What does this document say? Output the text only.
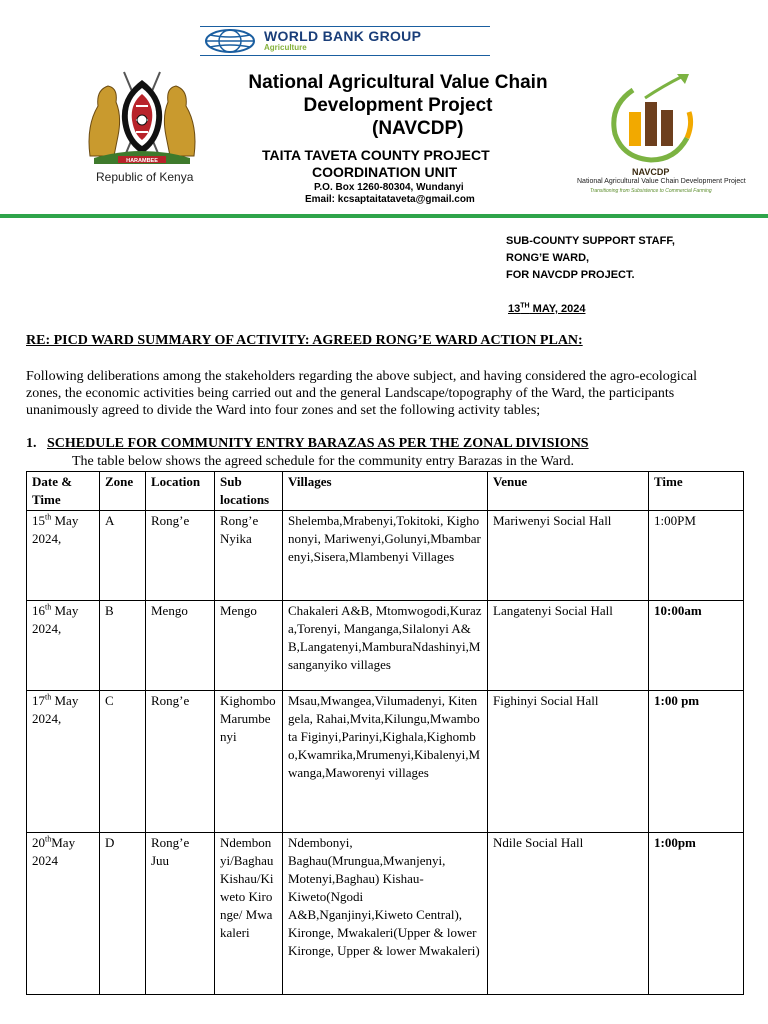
WORLD BANK GROUP
Agriculture
HARAMBEE
Republic of Kenya
National Agricultural Value Chain Development Project
(NAVCDP)
TAITA TAVETA COUNTY PROJECT
COORDINATION UNIT
P.O. Box 1260-80304, Wundanyi
Email: kcsaptaitataveta@gmail.com
NAVCDP
National Agricultural Value Chain Development Project
Transitioning from Subsistence to Commercial Farming
SUB-COUNTY SUPPORT STAFF,
RONG’E WARD,
FOR NAVCDP PROJECT.
13TH MAY, 2024
RE: PICD WARD SUMMARY OF ACTIVITY: AGREED RONG’E WARD ACTION PLAN:
Following deliberations among the stakeholders regarding the above subject, and having considered the agro-ecological zones, the economic activities being carried out and the general Landscape/topography of the Ward, the participants unanimously agreed to divide the Ward into four zones and set the following activity tables;
1. SCHEDULE FOR COMMUNITY ENTRY BARAZAS AS PER THE ZONAL DIVISIONS
The table below shows the agreed schedule for the community entry Barazas in the Ward.
Date & Time	Zone	Location	Sub locations	Villages	Venue	Time
15th May 2024,	A	Rong’e	Rong’e Nyika	Shelemba,Mrabenyi,Tokitoki, Kighononyi, Mariwenyi,Golunyi,Mbambarenyi,Sisera,Mlambenyi Villages	Mariwenyi Social Hall	1:00PM
16th May 2024,	B	Mengo	Mengo	Chakaleri A&B, Mtomwogodi,Kuraza,Torenyi, Manganga,Silalonyi A&B,Langatenyi,MamburaNdashinyi,Msanganyiko villages	Langatenyi Social Hall	10:00am
17th May 2024,	C	Rong’e	Kighombo Marumbenyi	Msau,Mwangea,Vilumadenyi, Kitengela, Rahai,Mvita,Kilungu,Mwambota Figinyi,Parinyi,Kighala,Kighombo,Kwamrika,Mrumenyi,Kibalenyi,Mwanga,Maworenyi villages	Fighinyi Social Hall	1:00 pm
20thMay 2024	D	Rong’e Juu	Ndembonyi/Baghau Kishau/Kiweto Kironge/ Mwakaleri	Ndembonyi, Baghau(Mrungua,Mwanjenyi, Motenyi,Baghau) Kishau-Kiweto(Ngodi A&B,Nganjinyi,Kiweto Central), Kironge, Mwakaleri(Upper & lower Kironge, Upper & lower Mwakaleri)	Ndile Social Hall	1:00pm
